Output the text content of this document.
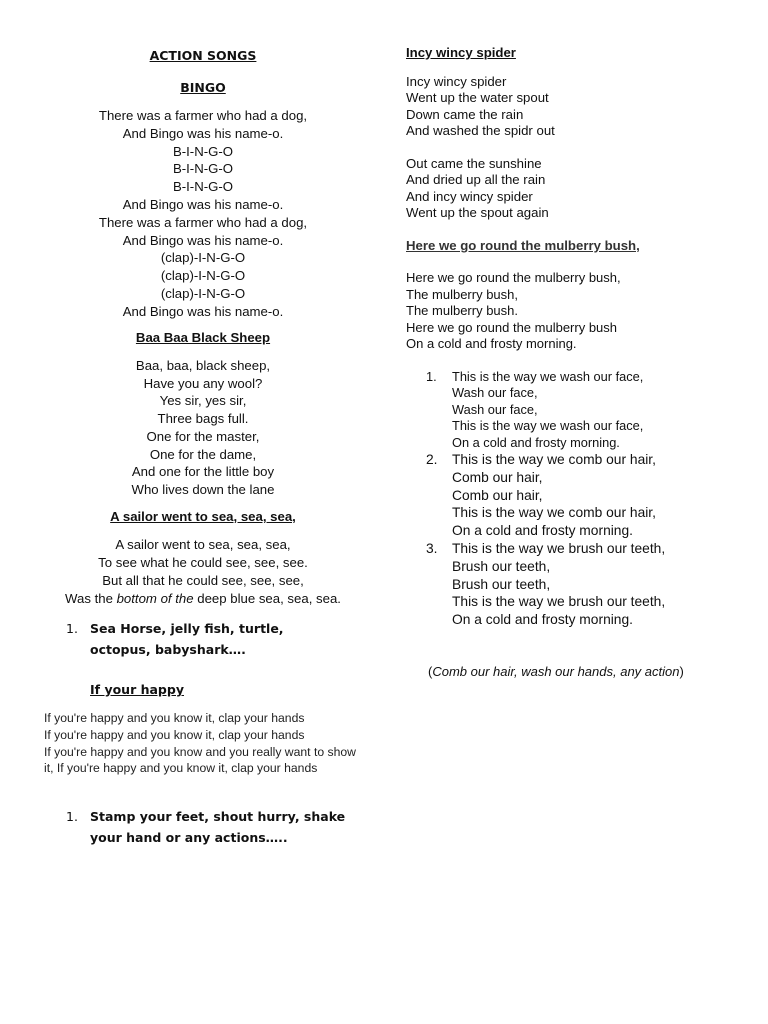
ACTION SONGS
BINGO
There was a farmer who had a dog,
And Bingo was his name-o.
B-I-N-G-O
B-I-N-G-O
B-I-N-G-O
And Bingo was his name-o.
There was a farmer who had a dog,
And Bingo was his name-o.
(clap)-I-N-G-O
(clap)-I-N-G-O
(clap)-I-N-G-O
And Bingo was his name-o.
Baa Baa Black Sheep
Baa, baa, black sheep,
Have you any wool?
Yes sir, yes sir,
Three bags full.
One for the master,
One for the dame,
And one for the little boy
Who lives down the lane
A sailor went to sea, sea, sea,
A sailor went to sea, sea, sea,
To see what he could see, see, see.
But all that he could see, see, see,
Was the bottom of the deep blue sea, sea, sea.
1. Sea Horse, jelly fish, turtle, octopus, babyshark….
If your happy
If you're happy and you know it, clap your hands
If you're happy and you know it, clap your hands
If you're happy and you know and you really want to show it, If you're happy and you know it, clap your hands
1. Stamp your feet, shout hurry, shake your hand or any actions…..
Incy wincy spider
Incy wincy spider
Went up the water spout
Down came the rain
And washed the spidr out
Out came the sunshine
And dried up all the rain
And incy wincy spider
Went up the spout again
Here we go round the mulberry bush,
Here we go round the mulberry bush,
The mulberry bush,
The mulberry bush.
Here we go round the mulberry bush
On a cold and frosty morning.
1.	This is the way we wash our face,
Wash our face,
Wash our face,
This is the way we wash our face,
On a cold and frosty morning.
2.	This is the way we comb our hair,
Comb our hair,
Comb our hair,
This is the way we comb our hair,
On a cold and frosty morning.
3.	This is the way we brush our teeth,
Brush our teeth,
Brush our teeth,
This is the way we brush our teeth,
On a cold and frosty morning.
(Comb our hair, wash our hands, any action)
